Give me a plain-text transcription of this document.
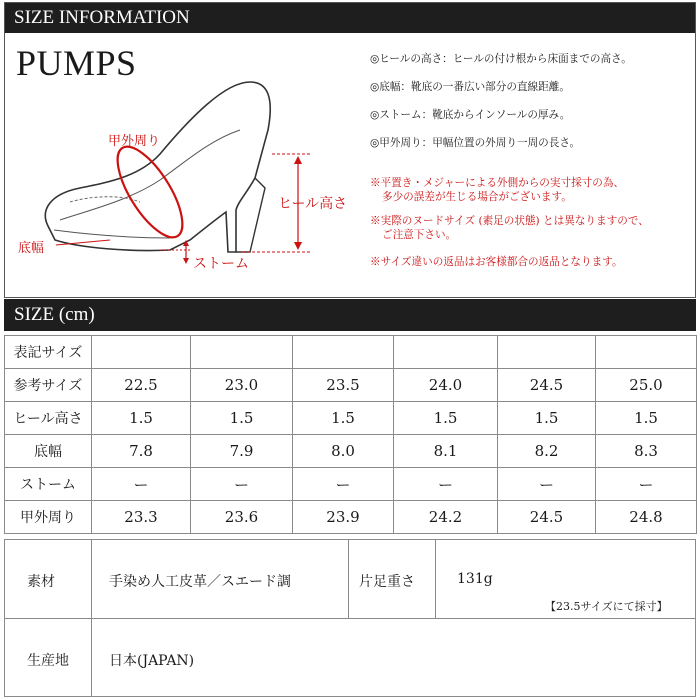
SIZE INFORMATION
PUMPS
甲外周り
ヒール高さ
底幅
ストーム
◎ヒールの高さ：ヒールの付け根から床面までの高さ。
◎底幅：靴底の一番広い部分の直線距離。
◎ストーム：靴底からインソールの厚み。
◎甲外周り：甲幅位置の外周り一周の長さ。
※平置き・メジャーによる外側からの実寸採寸の為、
多少の誤差が生じる場合がございます。
※実際のヌードサイズ (素足の状態) とは異なりますので、
ご注意下さい。
※サイズ違いの返品はお客様都合の返品となります。
SIZE (cm)
表記サイズ						
参考サイズ	22.5	23.0	23.5	24.0	24.5	25.0
ヒール高さ	1.5	1.5	1.5	1.5	1.5	1.5
底幅	7.8	7.9	8.0	8.1	8.2	8.3
ストーム	ー	ー	ー	ー	ー	ー
甲外周り	23.3	23.6	23.9	24.2	24.5	24.8
素材	手染め人工皮革／スエード調	片足重さ	131g
【23.5サイズにて採寸】
生産地	日本(JAPAN)
